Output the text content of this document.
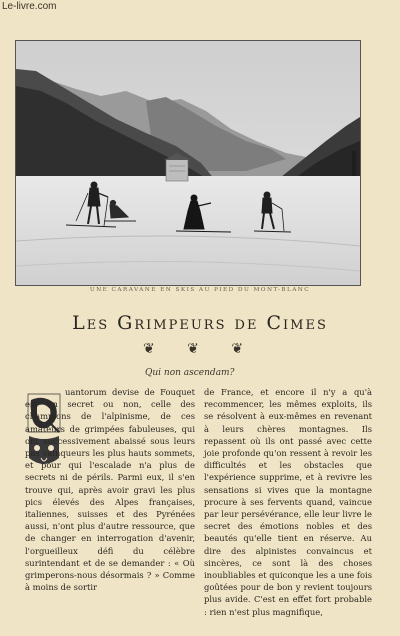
Le-livre.com
UNE CARAVANE EN SKIS AU PIED DU MONT-BLANC
Les Grimpeurs de Cimes
❦ ❦ ❦
Qui non ascendam?
uantorum devise de Fouquet est un secret ou non, celle des champions de l'alpinisme, de ces amateurs de grimpées fabuleuses, qui ont successivement abaissé sous leurs pas vainqueurs les plus hauts sommets, et pour qui l'escalade n'a plus de secrets ni de périls. Parmi eux, il s'en trouve qui, après avoir gravi les plus pics élevés des Alpes françaises, italiennes, suisses et des Pyrénées aussi, n'ont plus d'autre ressource, que de changer en interrogation d'avenir, l'orgueilleux défi du célèbre surintendant et de se demander : « Où grimperons-nous désormais ? » Comme à moins de sortir
de France, et encore il n'y a qu'à recommencer, les mêmes exploits, ils se résolvent à eux-mêmes en revenant à leurs chères montagnes. Ils repassent où ils ont passé avec cette joie profonde qu'on ressent à revoir les difficultés et les obstacles que l'expérience supprime, et à revivre les sensations si vives que la montagne procure à ses fervents quand, vaincue par leur persévérance, elle leur livre le secret des émotions nobles et des beautés qu'elle tient en réserve. Au dire des alpinistes convaincus et sincères, ce sont là des choses inoubliables et quiconque les a une fois goûtées pour de bon y revient toujours plus avide. C'est en effet fort probable : rien n'est plus magnifique,
